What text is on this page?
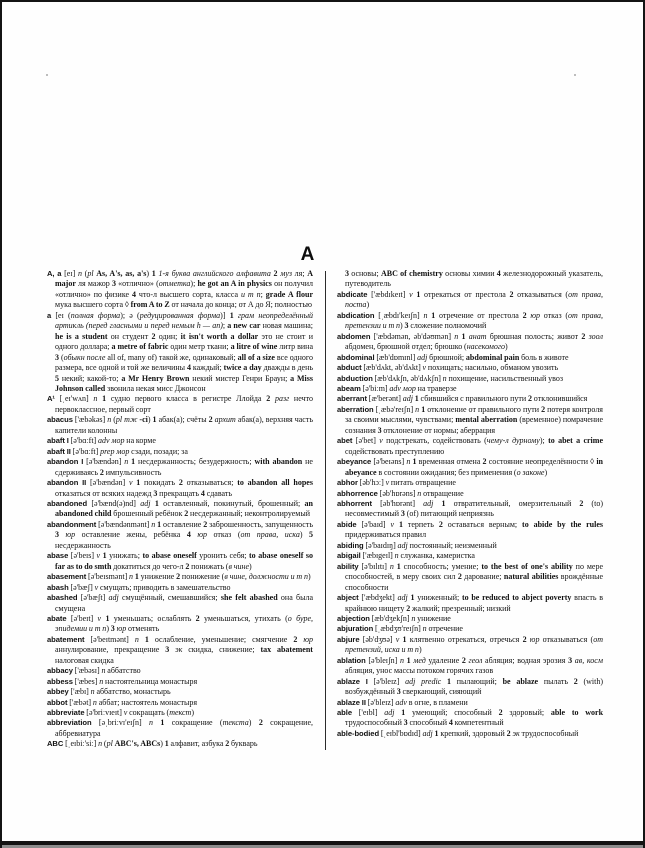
A

A, a [eɪ] n (pl As, A's, as, a's) 1 1-я буква английского алфавита 2 муз ля; A major ля мажор 3 «отлично» (отметка); he got an A in physics он получил «отлично» по физике 4 что-л высшего сорта, класса и т п; grade A flour мука высшего сорта ◊ from A to Z от начала до конца; от А до Я; полностью

a [eɪ (полная форма); ə (редуцированная форма)] 1 грам неопределённый артикль (перед гласными и перед немым h — an); a new car новая машина; he is a student он студент 2 один; it isn't worth a dollar это не стоит и одного доллара; a metre of fabric один метр ткани; a litre of wine литр вина 3 (обыкн после all of, many of) такой же, одинаковый; all of a size все одного размера, все одной и той же величины 4 каждый; twice a day дважды в день 5 некий; какой-то; a Mr Henry Brown некий мистер Генри Браун; a Miss Johnson called звонила некая мисс Джонсон

A¹ [ˌeɪ'wʌn] n 1 судно первого класса в регистре Ллойда 2 разг нечто первоклассное, первый сорт

abacus ['æbəkəs] n (pl тж -ci) 1 абак(а); счёты 2 архит абак(а), верхняя часть капители колонны

abaft I [ə'bɑːft] adv мор на корме

abaft II [ə'bɑːft] prep мор сзади, позади; за

abandon I [ə'bændən] n 1 несдержанность; безудержность; with abandon не сдерживаясь 2 импульсивность

abandon II [ə'bændən] v 1 покидать 2 отказываться; to abandon all hopes отказаться от всяких надежд 3 прекращать 4 сдавать

abandoned [ə'bænd(ə)nd] adj 1 оставленный, покинутый, брошенный; an abandoned child брошенный ребёнок 2 несдержанный; неконтролируемый

abandonment [ə'bændənmənt] n 1 оставление 2 заброшенность, запущенность 3 юр оставление жены, ребёнка 4 юр отказ (от права, иска) 5 несдержанность

abase [ə'beɪs] v 1 унижать; to abase oneself уронить себя; to abase oneself so far as to do smth докатиться до чего-л 2 понижать (в чине)

abasement [ə'beɪsmənt] n 1 унижение 2 понижение (в чине, должности и т п)

abash [ə'bæʃ] v смущать; приводить в замешательство

abashed [ə'bæʃt] adj смущённый, смешавшийся; she felt abashed она была смущена

abate [ə'beɪt] v 1 уменьшать; ослаблять 2 уменьшаться, утихать (о буре, эпидемии и т п) 3 юр отменять

abatement [ə'beɪtmənt] n 1 ослабление, уменьшение; смягчение 2 юр аннулирование, прекращение 3 эк скидка, снижение; tax abatement налоговая скидка

abbacy ['æbəsɪ] n аббатство

abbess ['æbes] n настоятельница монастыря

abbey ['æbɪ] n аббатство, монастырь

abbot ['æbət] n аббат; настоятель монастыря

abbreviate [ə'briːvɪeɪt] v сокращать (текст)

abbreviation [əˌbriːvɪ'eɪʃn] n 1 сокращение (текста) 2 сокращение, аббревиатура

ABC [ˌeɪbiː'siː] n (pl ABC's, ABCs) 1 алфавит, азбука 2 букварь

3 основы; ABC of chemistry основы химии 4 железнодорожный указатель, путеводитель

abdicate ['æbdɪkeɪt] v 1 отрекаться от престола 2 отказываться (от права, поста)

abdication [ˌæbdɪ'keɪʃn] n 1 отречение от престола 2 юр отказ (от права, претензии и т п) 3 сложение полномочий

abdomen ['æbdəmən, əb'dəʊmən] n 1 анат брюшная полость; живот 2 зоол абдомен, брюшной отдел; брюшко (насекомого)

abdominal [æb'dɒmɪnl] adj брюшной; abdominal pain боль в животе

abduct [æb'dʌkt, əb'dʌkt] v похищать; насильно, обманом увозить

abduction [æb'dʌkʃn, əb'dʌkʃn] n похищение, насильственный увоз

abeam [ə'biːm] adv мор на траверзе

aberrant [æ'berənt] adj 1 сбившийся с правильного пути 2 отклонившийся

aberration [ˌæbə'reɪʃn] n 1 отклонение от правильного пути 2 потеря контроля за своими мыслями, чувствами; mental aberration (временное) помрачение сознания 3 отклонение от нормы; аберрация

abet [ə'bet] v подстрекать, содействовать (чему-л дурному); to abet a crime содействовать преступлению

abeyance [ə'beɪəns] n 1 временная отмена 2 состояние неопределённости ◊ in abeyance в состоянии ожидания; без применения (о законе)

abhor [əb'hɔː] v питать отвращение

abhorrence [əb'hɒrəns] n отвращение

abhorrent [əb'hɒrənt] adj 1 отвратительный, омерзительный 2 (to) несовместимый 3 (of) питающий неприязнь

abide [ə'baɪd] v 1 терпеть 2 оставаться верным; to abide by the rules придерживаться правил

abiding [ə'baɪdɪŋ] adj постоянный; неизменный

abigail ['æbɪgeɪl] n служанка, камеристка

ability [ə'bɪlɪtɪ] n 1 способность; умение; to the best of one's ability по мере способностей, в меру своих сил 2 дарование; natural abilities врождённые способности

abject ['æbdʒekt] adj 1 униженный; to be reduced to abject poverty впасть в крайнюю нищету 2 жалкий; презренный; низкий

abjection [æb'dʒekʃn] n унижение

abjuration [ˌæbdʒʊ'reɪʃn] n отречение

abjure [əb'dʒʊə] v 1 клятвенно отрекаться, отречься 2 юр отказываться (от претензий, иска и т п)

ablation [ə'bleɪʃn] n 1 мед удаление 2 геол абляция; водная эрозия 3 ав, косм абляция, унос массы потоком горячих газов

ablaze I [ə'bleɪz] adj predic 1 пылающий; be ablaze пылать 2 (with) возбуждённый 3 сверкающий, сияющий

ablaze II [ə'bleɪz] adv в огне, в пламени

able ['eɪbl] adj 1 умеющий; способный 2 здоровый; able to work трудоспособный 3 способный 4 компетентный

able-bodied [ˌeɪbl'bɒdɪd] adj 1 крепкий, здоровый 2 эк трудоспособный
